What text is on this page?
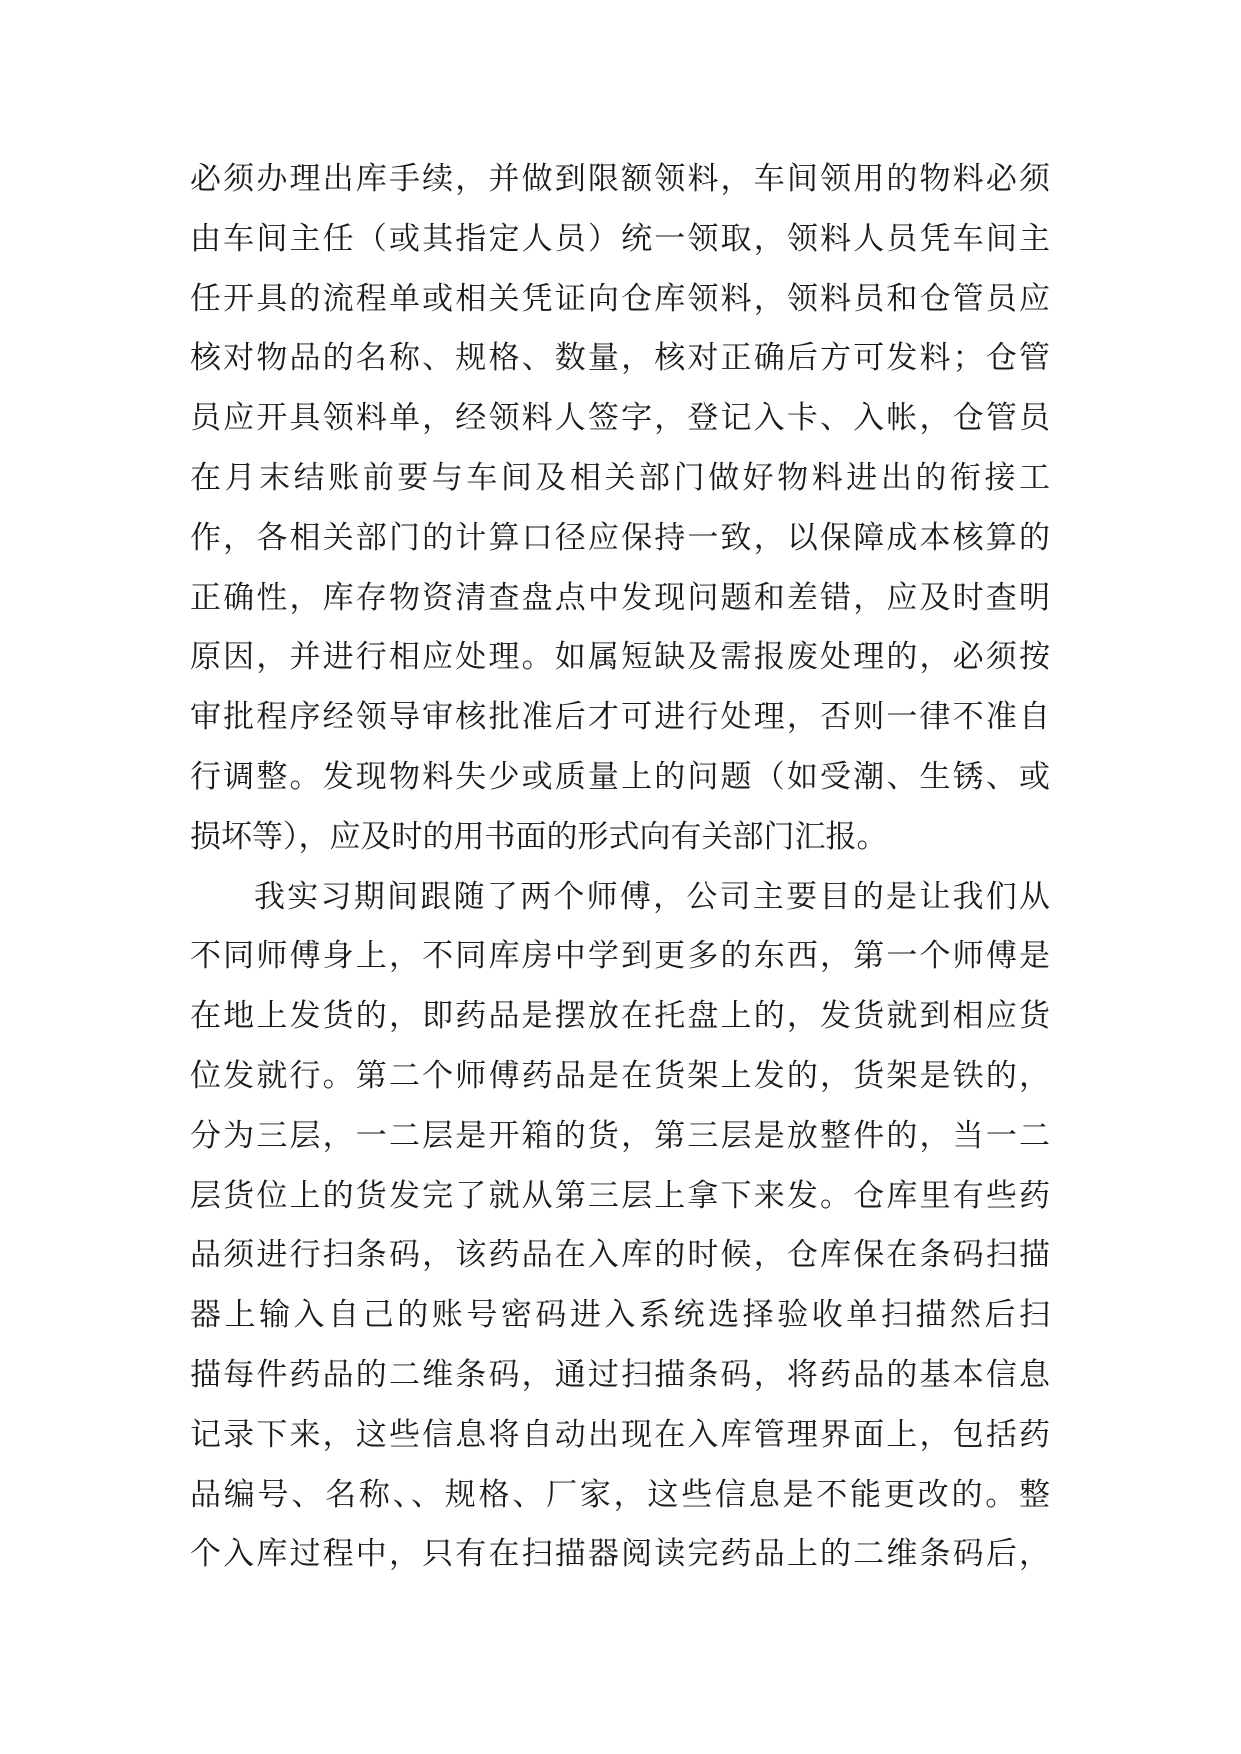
必须办理出库手续，并做到限额领料，车间领用的物料必须
由车间主任（或其指定人员）统一领取，领料人员凭车间主
任开具的流程单或相关凭证向仓库领料，领料员和仓管员应
核对物品的名称、规格、数量，核对正确后方可发料；仓管
员应开具领料单，经领料人签字，登记入卡、入帐，仓管员
在月末结账前要与车间及相关部门做好物料进出的衔接工
作，各相关部门的计算口径应保持一致，以保障成本核算的
正确性，库存物资清查盘点中发现问题和差错，应及时查明
原因，并进行相应处理。如属短缺及需报废处理的，必须按
审批程序经领导审核批准后才可进行处理，否则一律不准自
行调整。发现物料失少或质量上的问题（如受潮、生锈、或
损坏等），应及时的用书面的形式向有关部门汇报。
我实习期间跟随了两个师傅，公司主要目的是让我们从
不同师傅身上，不同库房中学到更多的东西，第一个师傅是
在地上发货的，即药品是摆放在托盘上的，发货就到相应货
位发就行。第二个师傅药品是在货架上发的，货架是铁的，
分为三层，一二层是开箱的货，第三层是放整件的，当一二
层货位上的货发完了就从第三层上拿下来发。仓库里有些药
品须进行扫条码，该药品在入库的时候，仓库保在条码扫描
器上输入自己的账号密码进入系统选择验收单扫描然后扫
描每件药品的二维条码，通过扫描条码，将药品的基本信息
记录下来，这些信息将自动出现在入库管理界面上，包括药
品编号、名称、、规格、厂家，这些信息是不能更改的。整
个入库过程中，只有在扫描器阅读完药品上的二维条码后，
